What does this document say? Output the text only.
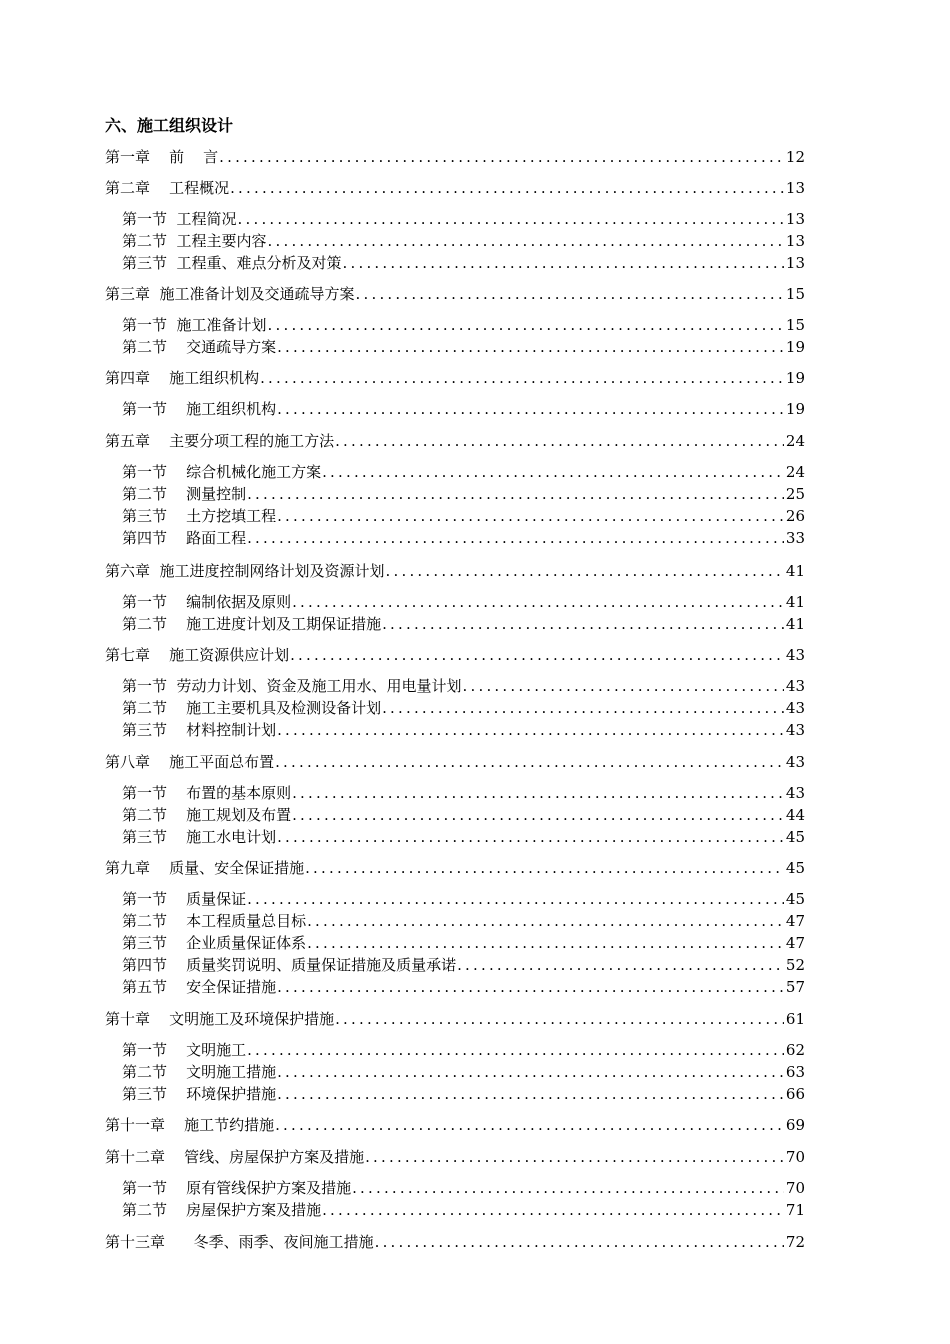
六、施工组织设计
第一章    前    言 .....	12
第二章    工程概况 .....	13
第一节  工程简况 .....	13
第二节  工程主要内容 .....	13
第三节  工程重、难点分析及对策 .....	13
第三章  施工准备计划及交通疏导方案 .....	15
第一节  施工准备计划 .....	15
第二节    交通疏导方案 .....	19
第四章    施工组织机构 .....	19
第一节    施工组织机构 .....	19
第五章    主要分项工程的施工方法 .....	24
第一节    综合机械化施工方案 .....	24
第二节    测量控制 .....	25
第三节    土方挖填工程 .....	26
第四节    路面工程 .....	33
第六章  施工进度控制网络计划及资源计划 .....	41
第一节    编制依据及原则 .....	41
第二节    施工进度计划及工期保证措施 .....	41
第七章    施工资源供应计划 .....	43
第一节  劳动力计划、资金及施工用水、用电量计划 .....	43
第二节    施工主要机具及检测设备计划 .....	43
第三节    材料控制计划 .....	43
第八章    施工平面总布置 .....	43
第一节    布置的基本原则 .....	43
第二节    施工规划及布置 .....	44
第三节    施工水电计划 .....	45
第九章    质量、安全保证措施 .....	45
第一节    质量保证 .....	45
第二节    本工程质量总目标 .....	47
第三节    企业质量保证体系 .....	47
第四节    质量奖罚说明、质量保证措施及质量承诺 .....	52
第五节    安全保证措施 .....	57
第十章    文明施工及环境保护措施 .....	61
第一节    文明施工 .....	62
第二节    文明施工措施 .....	63
第三节    环境保护措施 .....	66
第十一章    施工节约措施 .....	69
第十二章    管线、房屋保护方案及措施 .....	70
第一节    原有管线保护方案及措施 .....	70
第二节    房屋保护方案及措施 .....	71
第十三章      冬季、雨季、夜间施工措施 .....	72
